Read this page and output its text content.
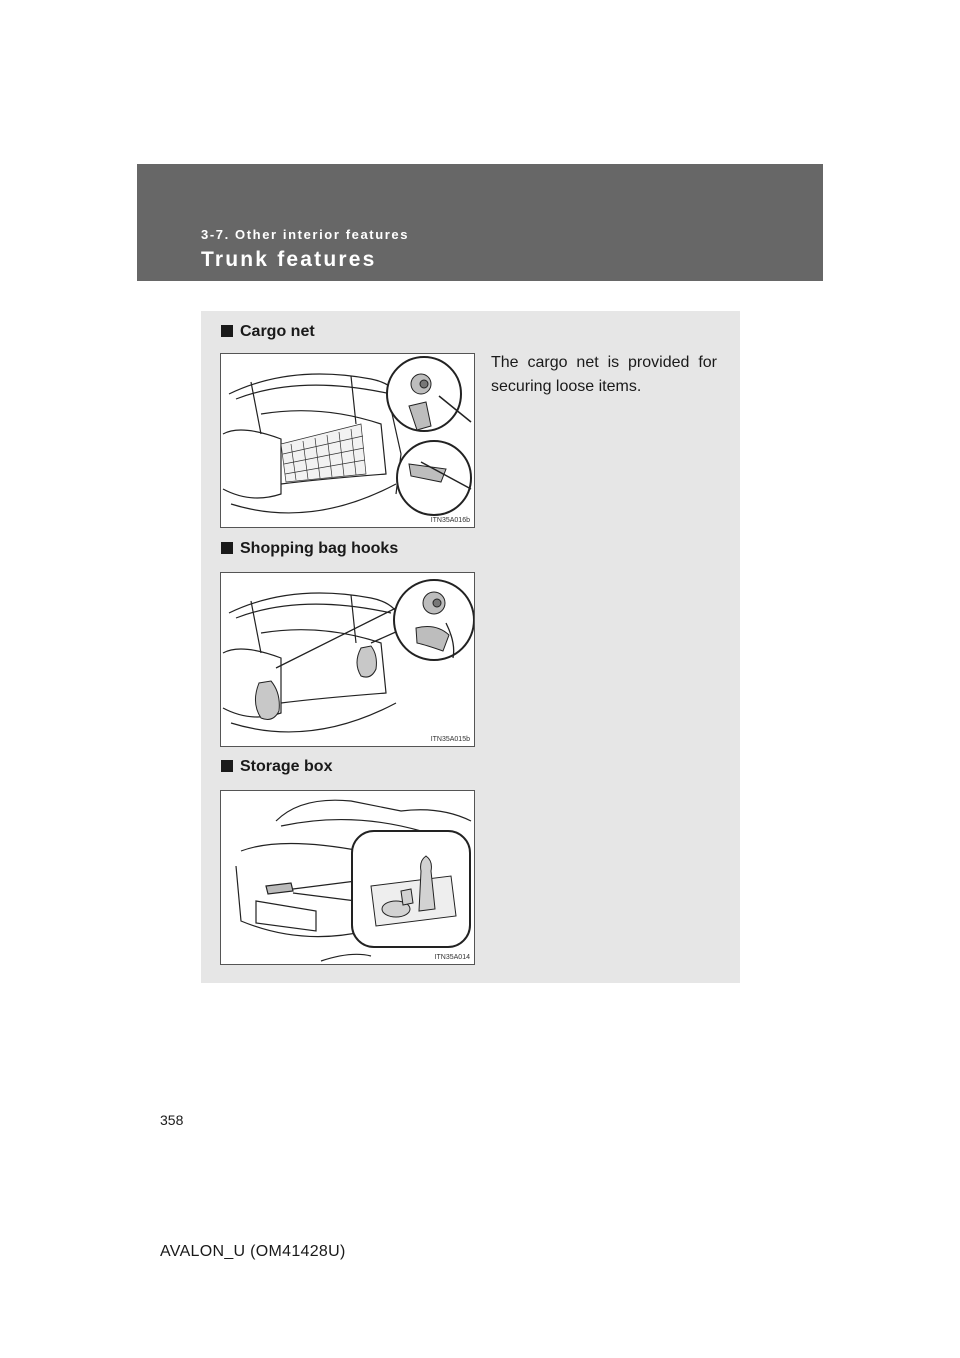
3-7. Other interior features
Trunk features
Cargo net
The cargo net is provided for securing loose items.
ITN35A016b
Shopping bag hooks
ITN35A015b
Storage box
ITN35A014
358
AVALON_U (OM41428U)
